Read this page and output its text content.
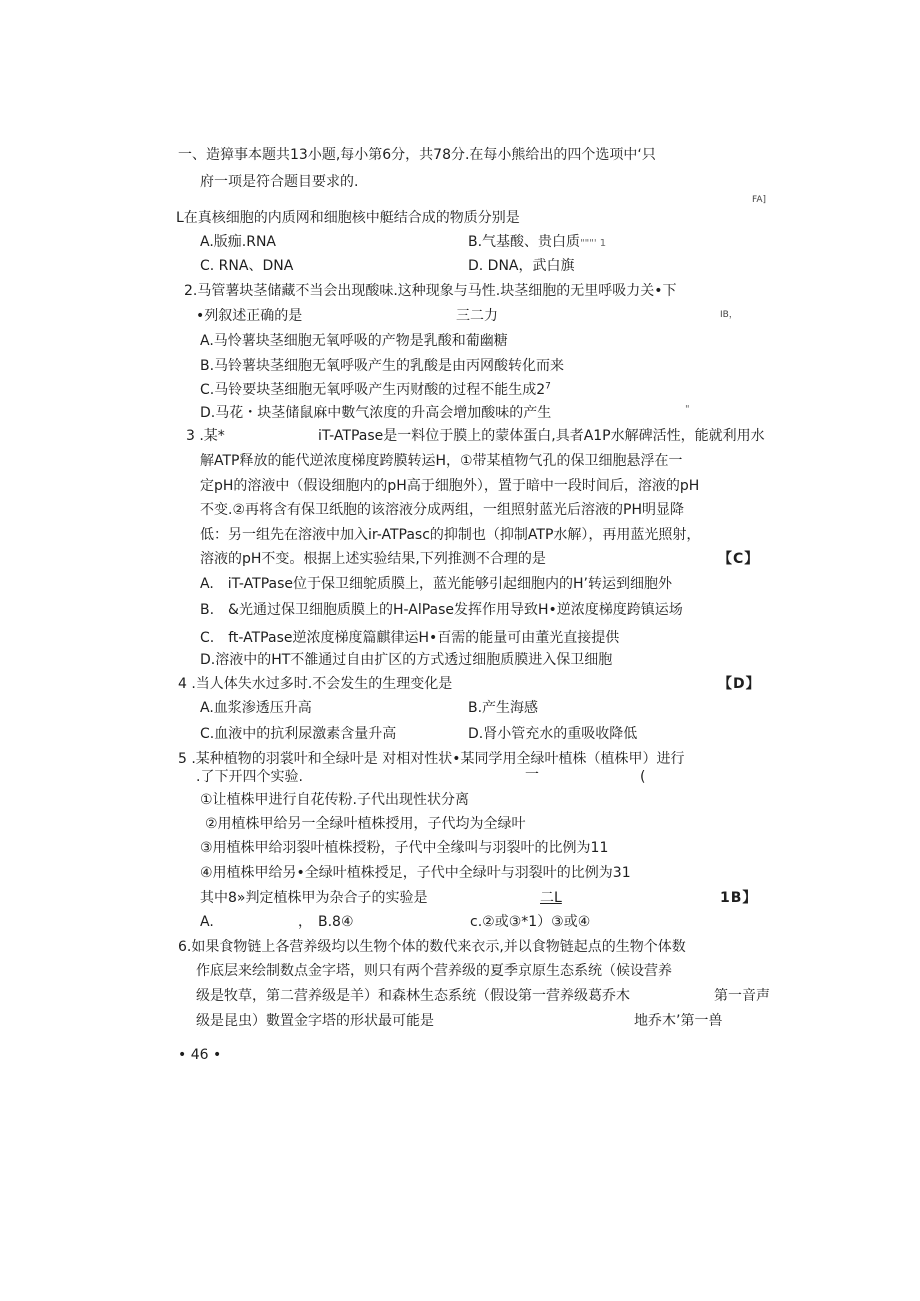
一、造獐事本题共13小题,每小第6分，共78分.在每小熊给出的四个选项中‘只
府一项是符合题目要求的.
FA]
L在真核细胞的内质网和细胞核中艇结合成的物质分别是
A.版痂.RNA	B.气基酸、贵白质"""' 1
C. RNA、DNA	D. DNA，武白旗
2.马管薯块茎储藏不当会出现酸味.这种现象与马性.块茎细胞的无里呼吸力关•下
•列叙述正确的是	三二力	IB，
A.马怜薯块茎细胞无氧呼吸的产物是乳酸和葡幽糖
B.马铃薯块茎细胞无氧呼吸产生的乳酸是由丙网酸转化而来
C.马铃要块茎细胞无氧呼吸产生丙财酸的过程不能生成$2^7$
D.马花・块茎储鼠麻中數气浓度的升高会增加酸味的产生	"
3 .某*	iT-ATPase是一料位于膜上的蒙体蛋白,具者A1P水解碑活性，能就利用水
解ATP释放的能代逆浓度梯度跨膜转运H，①带某植物气孔的保卫细胞悬浮在一
定pH的溶液中（假设细胞内的pH高于细胞外），置于暗中一段时间后，溶液的pH
不变.②再将含有保卫纸胞的该溶液分成两组，一组照射蓝光后溶液的PH明显降
低：另一组先在溶液中加入ir-ATPasc的抑制也（抑制ATP水解），再用蓝光照射，
溶液的pH不变。根据上述实验结果,下列推测不合理的是	【C】
A.　iT-ATPase位于保卫细鸵质膜上，蓝光能够引起细胞内的H’转运到细胞外
B.　&光通过保卫细胞质膜上的H-AlPase发挥作用导致H•逆浓度梯度跨镇运场
C.　ft-ATPase逆浓度梯度篇麒律运H•百需的能量可由董光直接提供
D.溶液中的HT不雒通过自由扩区的方式透过细胞质膜进入保卫细胞
4 .当人体失水过多时.不会发生的生理变化是	【D】
A.血浆渗透压升高	B.产生海感
C.血液中的抗利尿激素含量升高	D.肾小管充水的重吸收降低
5 .某种植物的羽裳叶和全绿叶是 对相对性状•某同学用全绿叶植株（植株甲）进行
.了下开四个实验.	一	(
①让植株甲进行自花传粉.子代出现性状分离
②用植株甲给另一全绿叶植株授用，子代均为全绿叶
③用植株甲给羽裂叶植株授粉，子代中全缘叫与羽裂叶的比例为11
④用植株甲给另•全绿叶植株授足，子代中全绿叶与羽裂叶的比例为31
其中8»判定植株甲为杂合子的实验是	二L	1B】
A.	， B.8④	c.②或③*1）③或④
6.如果食物链上各营养级均以生物个体的数代来衣示,并以食物链起点的生物个体数
作底层来绘制数点金字塔，则只有两个营养级的夏季京原生态系统（候设营养
级是牧草，第二营养级是羊）和森林生态系统（假设第一营养级葛乔木	第一音声
级是昆虫）數置金字塔的形状最可能是	地乔木’第一兽
• 46 •
